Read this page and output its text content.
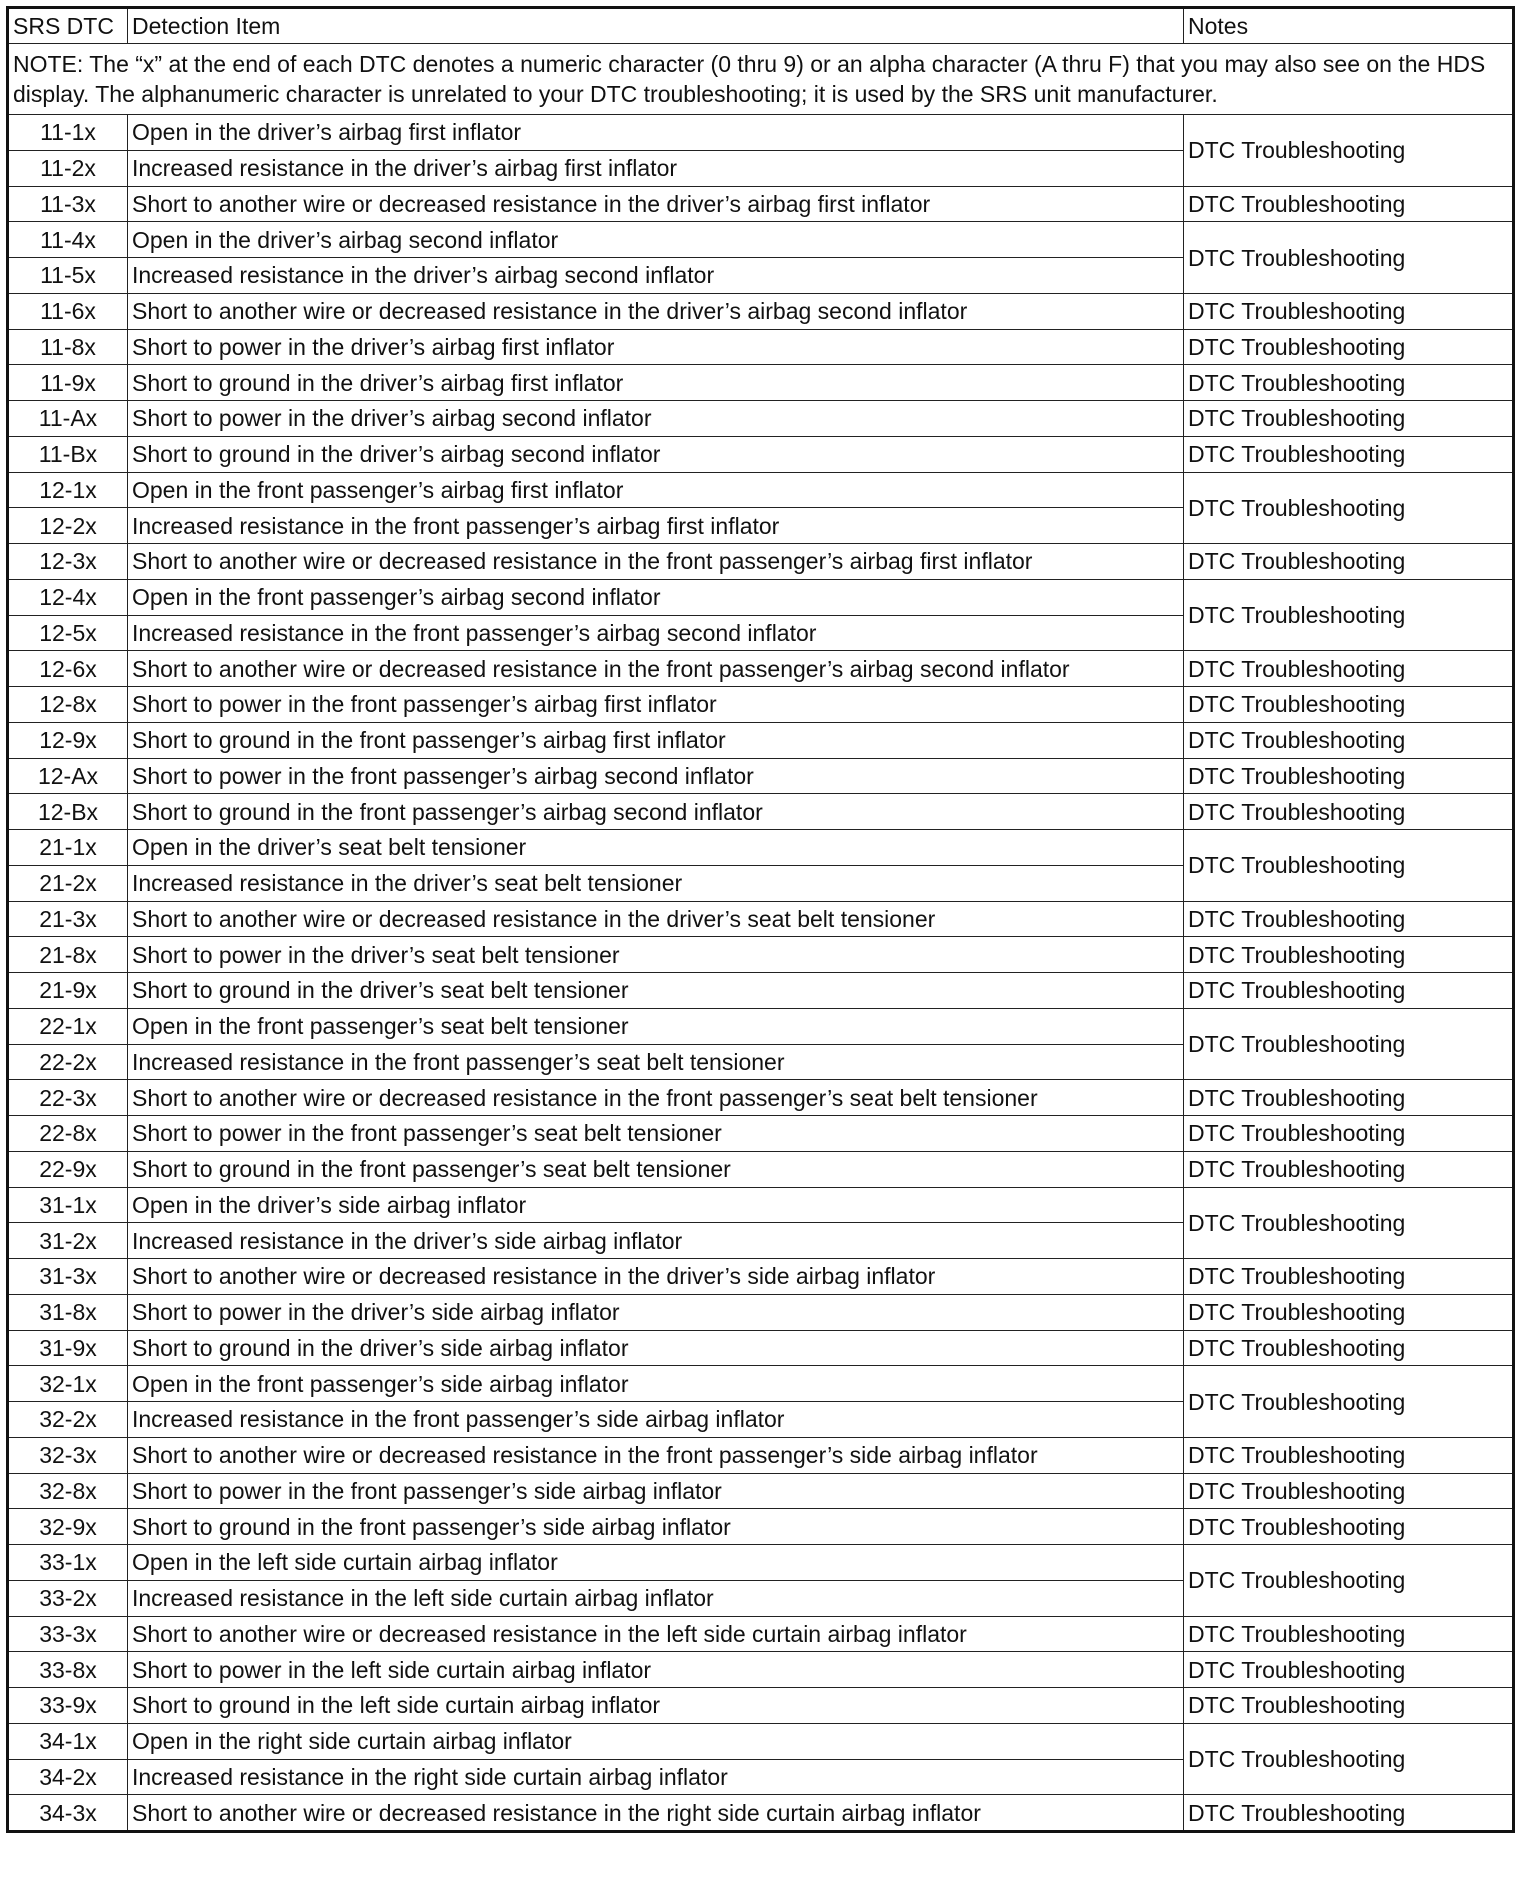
SRS DTC	Detection Item	Notes
NOTE: The “x” at the end of each DTC denotes a numeric character (0 thru 9) or an alpha character (A thru F) that you may also see on the HDS display. The alphanumeric character is unrelated to your DTC troubleshooting; it is used by the SRS unit manufacturer.		
11-1x	Open in the driver’s airbag first inflator	DTC Troubleshooting
11-2x	Increased resistance in the driver’s airbag first inflator	
11-3x	Short to another wire or decreased resistance in the driver’s airbag first inflator	DTC Troubleshooting
11-4x	Open in the driver’s airbag second inflator	DTC Troubleshooting
11-5x	Increased resistance in the driver’s airbag second inflator	
11-6x	Short to another wire or decreased resistance in the driver’s airbag second inflator	DTC Troubleshooting
11-8x	Short to power in the driver’s airbag first inflator	DTC Troubleshooting
11-9x	Short to ground in the driver’s airbag first inflator	DTC Troubleshooting
11-Ax	Short to power in the driver’s airbag second inflator	DTC Troubleshooting
11-Bx	Short to ground in the driver’s airbag second inflator	DTC Troubleshooting
12-1x	Open in the front passenger’s airbag first inflator	DTC Troubleshooting
12-2x	Increased resistance in the front passenger’s airbag first inflator	
12-3x	Short to another wire or decreased resistance in the front passenger’s airbag first inflator	DTC Troubleshooting
12-4x	Open in the front passenger’s airbag second inflator	DTC Troubleshooting
12-5x	Increased resistance in the front passenger’s airbag second inflator	
12-6x	Short to another wire or decreased resistance in the front passenger’s airbag second inflator	DTC Troubleshooting
12-8x	Short to power in the front passenger’s airbag first inflator	DTC Troubleshooting
12-9x	Short to ground in the front passenger’s airbag first inflator	DTC Troubleshooting
12-Ax	Short to power in the front passenger’s airbag second inflator	DTC Troubleshooting
12-Bx	Short to ground in the front passenger’s airbag second inflator	DTC Troubleshooting
21-1x	Open in the driver’s seat belt tensioner	DTC Troubleshooting
21-2x	Increased resistance in the driver’s seat belt tensioner	
21-3x	Short to another wire or decreased resistance in the driver’s seat belt tensioner	DTC Troubleshooting
21-8x	Short to power in the driver’s seat belt tensioner	DTC Troubleshooting
21-9x	Short to ground in the driver’s seat belt tensioner	DTC Troubleshooting
22-1x	Open in the front passenger’s seat belt tensioner	DTC Troubleshooting
22-2x	Increased resistance in the front passenger’s seat belt tensioner	
22-3x	Short to another wire or decreased resistance in the front passenger’s seat belt tensioner	DTC Troubleshooting
22-8x	Short to power in the front passenger’s seat belt tensioner	DTC Troubleshooting
22-9x	Short to ground in the front passenger’s seat belt tensioner	DTC Troubleshooting
31-1x	Open in the driver’s side airbag inflator	DTC Troubleshooting
31-2x	Increased resistance in the driver’s side airbag inflator	
31-3x	Short to another wire or decreased resistance in the driver’s side airbag inflator	DTC Troubleshooting
31-8x	Short to power in the driver’s side airbag inflator	DTC Troubleshooting
31-9x	Short to ground in the driver’s side airbag inflator	DTC Troubleshooting
32-1x	Open in the front passenger’s side airbag inflator	DTC Troubleshooting
32-2x	Increased resistance in the front passenger’s side airbag inflator	
32-3x	Short to another wire or decreased resistance in the front passenger’s side airbag inflator	DTC Troubleshooting
32-8x	Short to power in the front passenger’s side airbag inflator	DTC Troubleshooting
32-9x	Short to ground in the front passenger’s side airbag inflator	DTC Troubleshooting
33-1x	Open in the left side curtain airbag inflator	DTC Troubleshooting
33-2x	Increased resistance in the left side curtain airbag inflator	
33-3x	Short to another wire or decreased resistance in the left side curtain airbag inflator	DTC Troubleshooting
33-8x	Short to power in the left side curtain airbag inflator	DTC Troubleshooting
33-9x	Short to ground in the left side curtain airbag inflator	DTC Troubleshooting
34-1x	Open in the right side curtain airbag inflator	DTC Troubleshooting
34-2x	Increased resistance in the right side curtain airbag inflator	
34-3x	Short to another wire or decreased resistance in the right side curtain airbag inflator	DTC Troubleshooting
